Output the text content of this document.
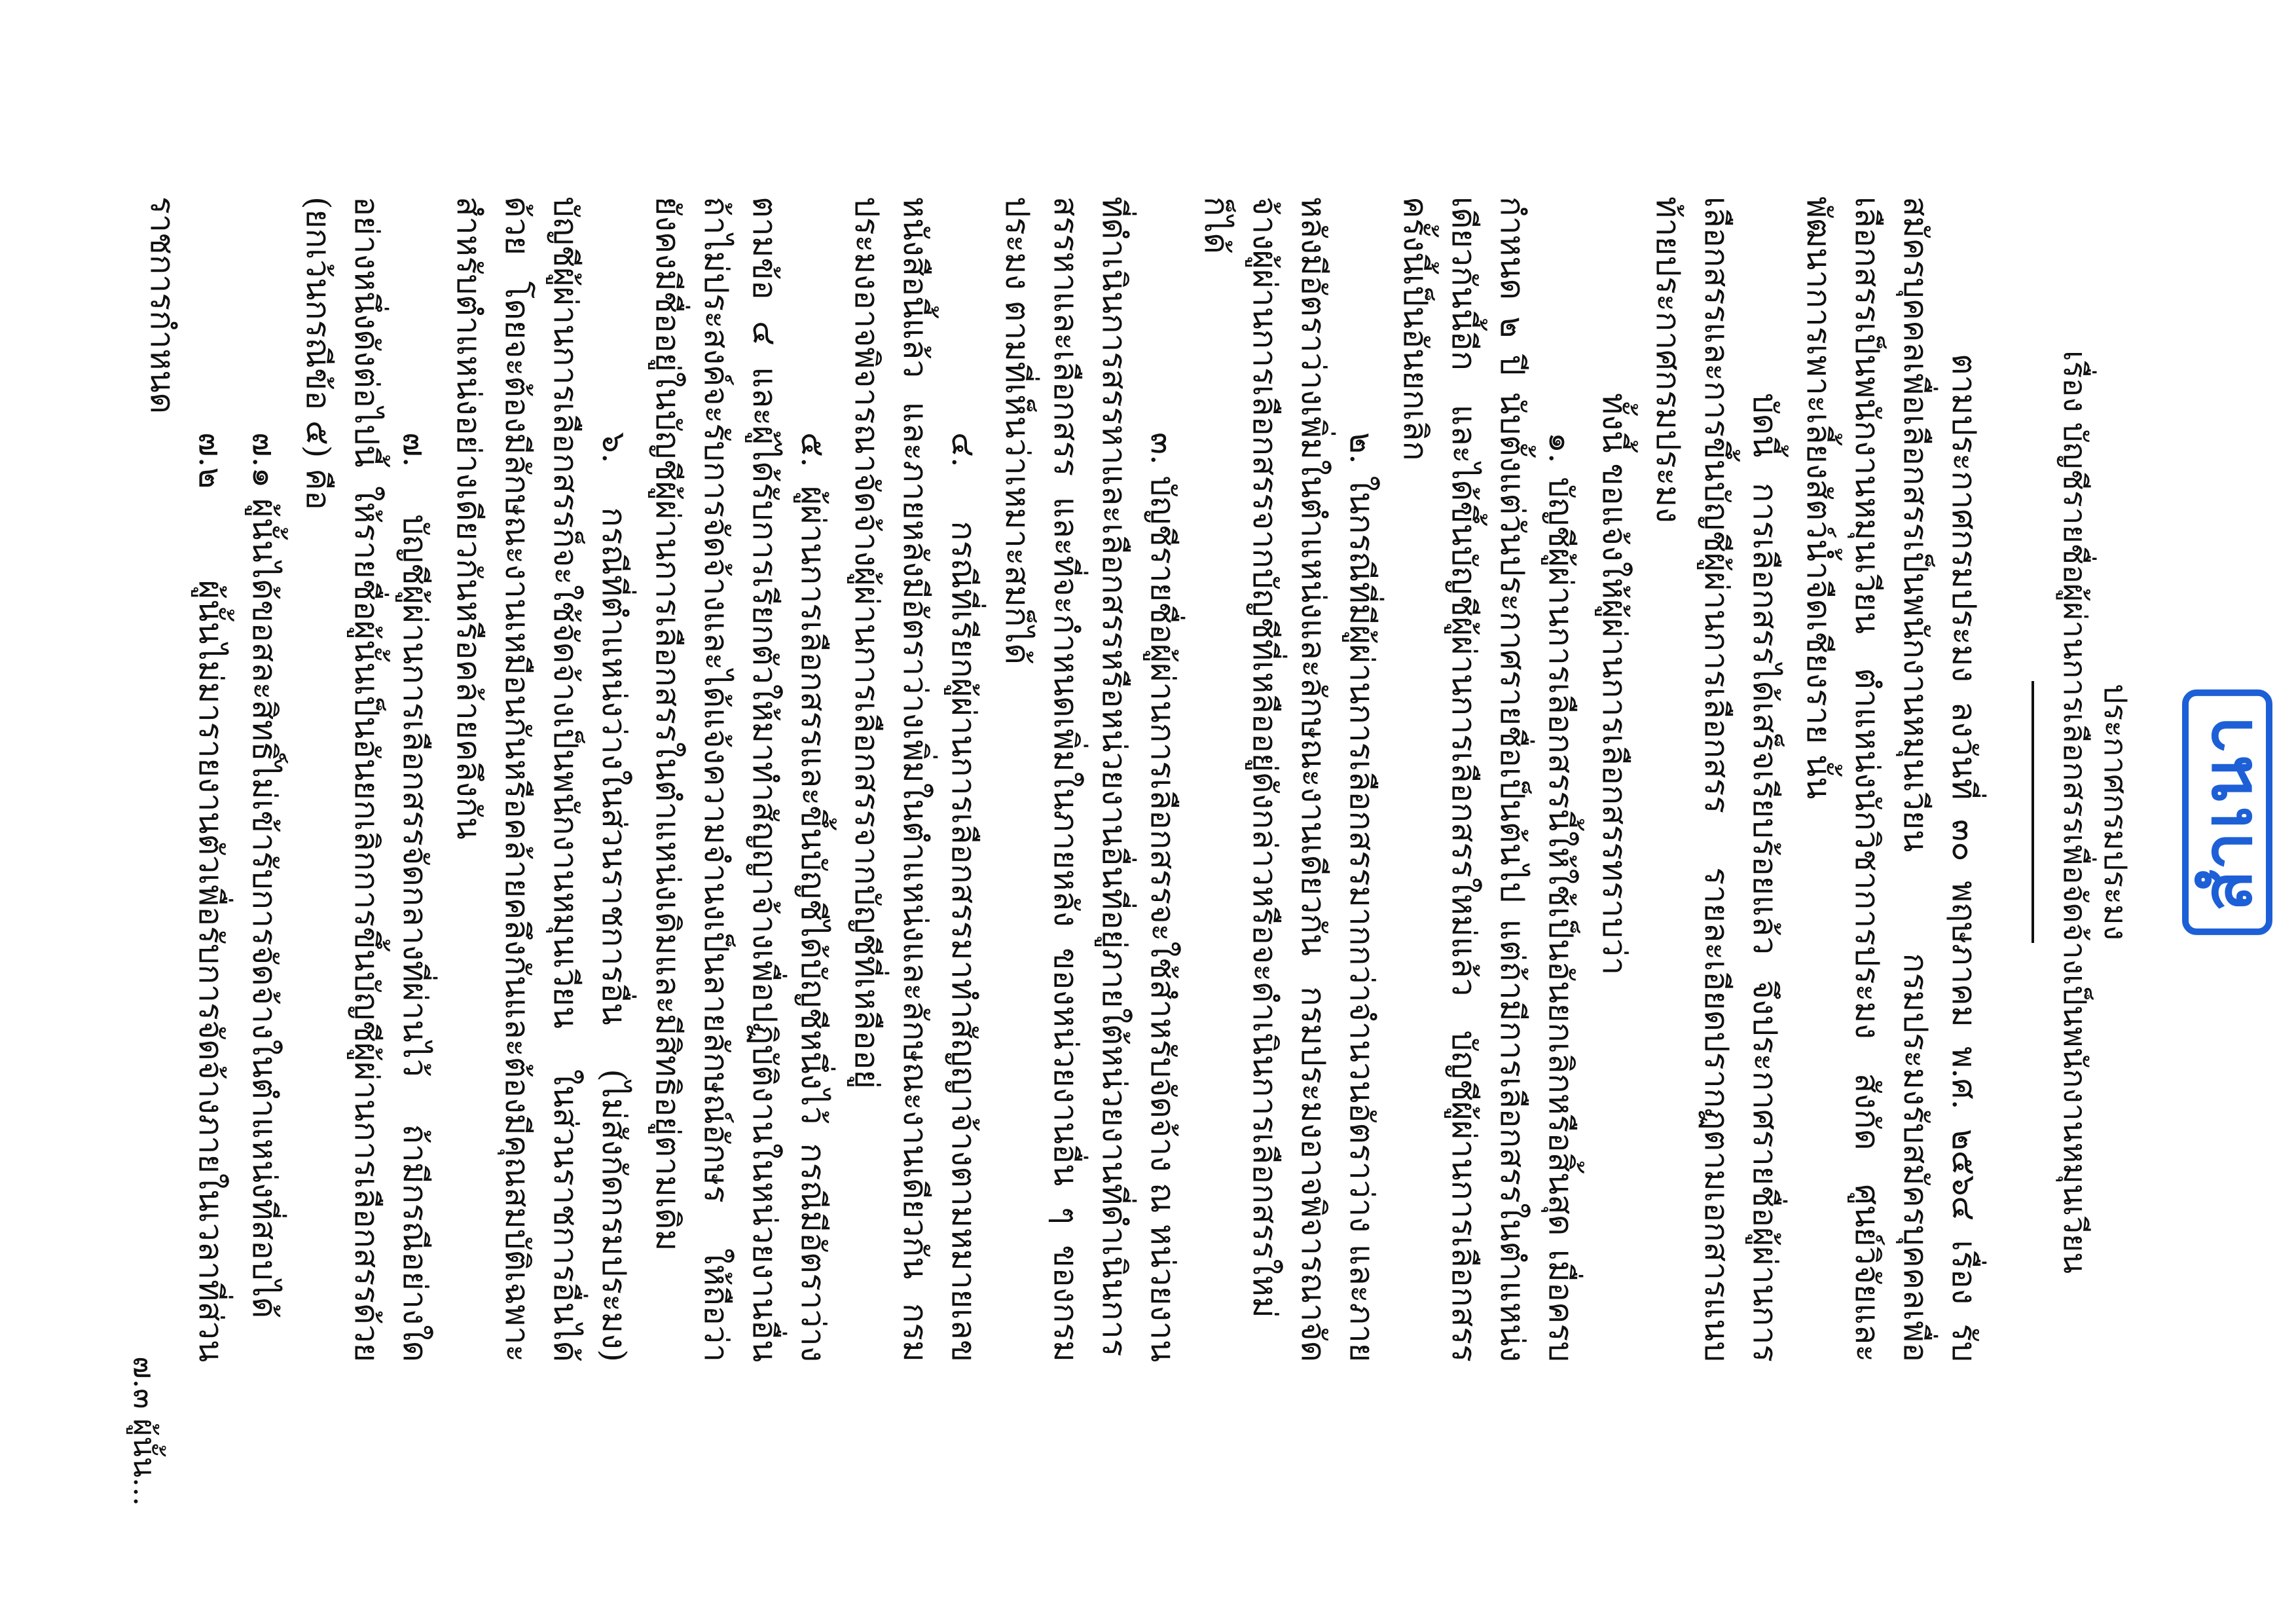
สำเนา
ประกาศกรมประมง
เรื่อง บัญชีรายชื่อผู้ผ่านการเลือกสรรเพื่อจัดจ้างเป็นพนักงานหมุนเวียน

ตามประกาศกรมประมง ลงวันที่ ๓๐ พฤษภาคม พ.ศ. ๒๕๖๔ เรื่อง รับสมัครบุคคลเพื่อเลือกสรรเป็นพนักงานหมุนเวียน กรมประมงรับสมัครบุคคลเพื่อเลือกสรรเป็นพนักงานหมุนเวียน ตำแหน่งนักวิชาการประมง สังกัด ศูนย์วิจัยและพัฒนาการเพาะเลี้ยงสัตว์น้ำจืดเชียงราย นั้น

บัดนี้ การเลือกสรรได้เสร็จเรียบร้อยแล้ว จึงประกาศรายชื่อผู้ผ่านการเลือกสรรและการขึ้นบัญชีผู้ผ่านการเลือกสรร รายละเอียดปรากฏตามเอกสารแนบท้ายประกาศกรมประมง

ทั้งนี้ ขอแจ้งให้ผู้ผ่านการเลือกสรรทราบว่า

๑. บัญชีผู้ผ่านการเลือกสรรนี้ให้ใช้เป็นอันยกเลิกหรือสิ้นสุด เมื่อครบกำหนด ๒ ปี นับตั้งแต่วันประกาศรายชื่อเป็นต้นไป แต่ถ้ามีการเลือกสรรในตำแหน่งเดียวกันนี้อีก และได้ขึ้นบัญชีผู้ผ่านการเลือกสรรใหม่แล้ว บัญชีผู้ผ่านการเลือกสรรครั้งนี้เป็นอันยกเลิก

๒. ในกรณีที่มีผู้ผ่านการเลือกสรรมากกว่าจำนวนอัตราว่าง และภายหลังมีอัตราว่างเพิ่มในตำแหน่งและลักษณะงานเดียวกัน กรมประมงอาจพิจารณาจัดจ้างผู้ผ่านการเลือกสรรจากบัญชีที่เหลืออยู่ดังกล่าวหรือจะดำเนินการเลือกสรรใหม่ก็ได้

๓. บัญชีรายชื่อผู้ผ่านการเลือกสรรจะใช้สำหรับจัดจ้าง ณ หน่วยงานที่ดำเนินการสรรหาและเลือกสรรหรือหน่วยงานอื่นที่อยู่ภายใต้หน่วยงานที่ดำเนินการสรรหาและเลือกสรร และที่จะกำหนดเพิ่มในภายหลัง ของหน่วยงานอื่น ๆ ของกรมประมง ตามที่เห็นว่าเหมาะสมก็ได้

๔. กรณีที่เรียกผู้ผ่านการเลือกสรรมาทำสัญญาจ้างตามหมายเลขหนังสือนี้แล้ว และภายหลังมีอัตราว่างเพิ่มในตำแหน่งและลักษณะงานเดียวกัน กรมประมงอาจพิจารณาจัดจ้างผู้ผ่านการเลือกสรรจากบัญชีที่เหลืออยู่

๕. ผู้ผ่านการเลือกสรรและขึ้นบัญชีได้บัญชีหนึ่งไว้ กรณีมีอัตราว่างตามข้อ ๔ และผู้ได้รับการเรียกตัวให้มาทำสัญญาจ้างเพื่อปฏิบัติงานในหน่วยงานอื่น ถ้าไม่ประสงค์จะรับการจัดจ้างและได้แจ้งความจำนงเป็นลายลักษณ์อักษร ให้ถือว่ายังคงมีชื่ออยู่ในบัญชีผู้ผ่านการเลือกสรรในตำแหน่งเดิมและมีสิทธิอยู่ตามเดิม

๖. กรณีที่ตำแหน่งว่างในส่วนราชการอื่น (ไม่สังกัดกรมประมง) บัญชีผู้ผ่านการเลือกสรรก็จะใช้จัดจ้างเป็นพนักงานหมุนเวียน ในส่วนราชการอื่นได้ด้วย โดยจะต้องมีลักษณะงานเหมือนกันหรือคล้ายคลึงกันและต้องมีคุณสมบัติเฉพาะสำหรับตำแหน่งอย่างเดียวกันหรือคล้ายคลึงกัน

๗. บัญชีผู้ผ่านการเลือกสรรจัดกลางที่ผ่านไว้ ถ้ามีกรณีอย่างใดอย่างหนึ่งดังต่อไปนี้ ให้รายชื่อผู้นั้นเป็นอันยกเลิกการขึ้นบัญชีผู้ผ่านการเลือกสรรด้วย (ยกเว้นกรณีข้อ ๕) คือ

๗.๑ ผู้นั้นได้ขอสละสิทธิ์ไม่เข้ารับการจัดจ้างในตำแหน่งที่สอบได้

๗.๒ ผู้นั้นไม่มารายงานตัวเพื่อรับการจัดจ้างภายในเวลาที่ส่วนราชการกำหนด

๗.๓ ผู้นั้น...
